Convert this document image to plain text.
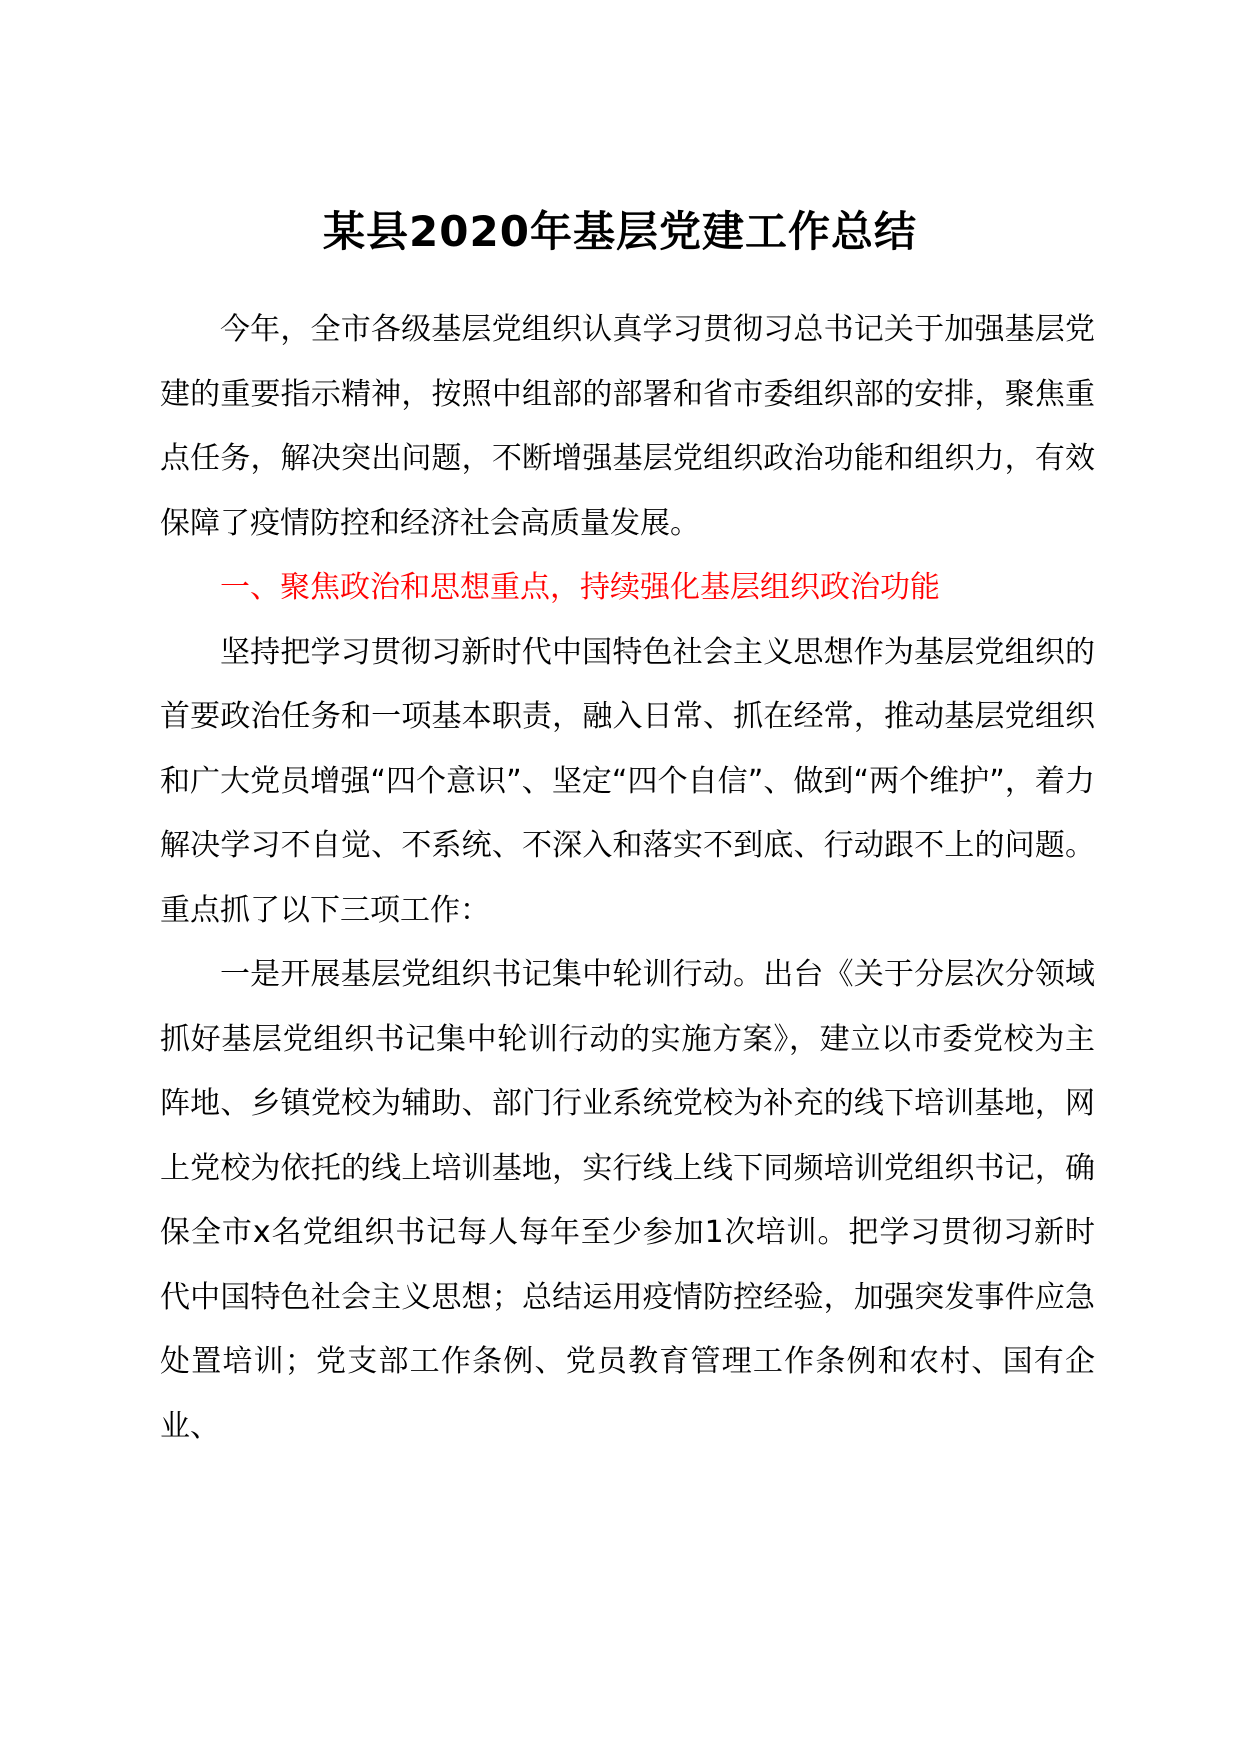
某县2020年基层党建工作总结

今年，全市各级基层党组织认真学习贯彻习总书记关于加强基层党建的重要指示精神，按照中组部的部署和省市委组织部的安排，聚焦重点任务，解决突出问题，不断增强基层党组织政治功能和组织力，有效保障了疫情防控和经济社会高质量发展。

一、聚焦政治和思想重点，持续强化基层组织政治功能

坚持把学习贯彻习新时代中国特色社会主义思想作为基层党组织的首要政治任务和一项基本职责，融入日常、抓在经常，推动基层党组织和广大党员增强“四个意识”、坚定“四个自信”、做到“两个维护”，着力解决学习不自觉、不系统、不深入和落实不到底、行动跟不上的问题。重点抓了以下三项工作：

一是开展基层党组织书记集中轮训行动。出台《关于分层次分领域抓好基层党组织书记集中轮训行动的实施方案》，建立以市委党校为主阵地、乡镇党校为辅助、部门行业系统党校为补充的线下培训基地，网上党校为依托的线上培训基地，实行线上线下同频培训党组织书记，确保全市x名党组织书记每人每年至少参加1次培训。把学习贯彻习新时代中国特色社会主义思想；总结运用疫情防控经验，加强突发事件应急处置培训；党支部工作条例、党员教育管理工作条例和农村、国有企业、
